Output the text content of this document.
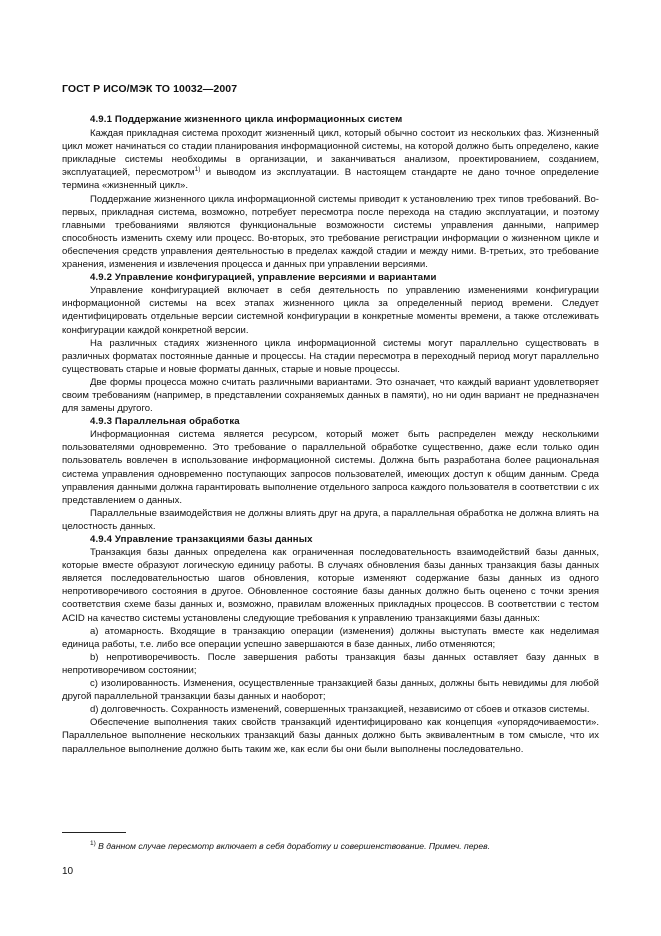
ГОСТ Р ИСО/МЭК ТО 10032—2007
4.9.1 Поддержание жизненного цикла информационных систем

Каждая прикладная система проходит жизненный цикл, который обычно состоит из нескольких фаз. Жизненный цикл может начинаться со стадии планирования информационной системы, на которой должно быть определено, какие прикладные системы необходимы в организации, и заканчиваться анализом, проектированием, созданием, эксплуатацией, пересмотром$^{1)}$ и выводом из эксплуатации. В настоящем стандарте не дано точное определение термина «жизненный цикл».

Поддержание жизненного цикла информационной системы приводит к установлению трех типов требований. Во-первых, прикладная система, возможно, потребует пересмотра после перехода на стадию эксплуатации, и поэтому главными требованиями являются функциональные возможности системы управления данными, например способность изменить схему или процесс. Во-вторых, это требование регистрации информации о жизненном цикле и обеспечения средств управления деятельностью в пределах каждой стадии и между ними. В-третьих, это требование хранения, изменения и извлечения процесса и данных при управлении версиями.

4.9.2 Управление конфигурацией, управление версиями и вариантами

Управление конфигурацией включает в себя деятельность по управлению изменениями конфигурации информационной системы на всех этапах жизненного цикла за определенный период времени. Следует идентифицировать отдельные версии системной конфигурации в конкретные моменты времени, а также отслеживать конфигурации каждой конкретной версии.

На различных стадиях жизненного цикла информационной системы могут параллельно существовать в различных форматах постоянные данные и процессы. На стадии пересмотра в переходный период могут параллельно существовать старые и новые форматы данных, старые и новые процессы.

Две формы процесса можно считать различными вариантами. Это означает, что каждый вариант удовлетворяет своим требованиям (например, в представлении сохраняемых данных в памяти), но ни один вариант не предназначен для замены другого.

4.9.3 Параллельная обработка

Информационная система является ресурсом, который может быть распределен между несколькими пользователями одновременно. Это требование о параллельной обработке существенно, даже если только один пользователь вовлечен в использование информационной системы. Должна быть разработана более рациональная система управления одновременно поступающих запросов пользователей, имеющих доступ к общим данным. Среда управления данными должна гарантировать выполнение отдельного запроса каждого пользователя в соответствии с их представлением о данных.

Параллельные взаимодействия не должны влиять друг на друга, а параллельная обработка не должна влиять на целостность данных.

4.9.4 Управление транзакциями базы данных

Транзакция базы данных определена как ограниченная последовательность взаимодействий базы данных, которые вместе образуют логическую единицу работы. В случаях обновления базы данных транзакция базы данных является последовательностью шагов обновления, которые изменяют содержание базы данных из одного непротиворечивого состояния в другое. Обновленное состояние базы данных должно быть оценено с точки зрения соответствия схеме базы данных и, возможно, правилам вложенных прикладных процессов. В соответствии с тестом ACID на качество системы установлены следующие требования к управлению транзакциями базы данных:

a) атомарность. Входящие в транзакцию операции (изменения) должны выступать вместе как неделимая единица работы, т.е. либо все операции успешно завершаются в базе данных, либо отменяются;

b) непротиворечивость. После завершения работы транзакция базы данных оставляет базу данных в непротиворечивом состоянии;

c) изолированность. Изменения, осуществленные транзакцией базы данных, должны быть невидимы для любой другой параллельной транзакции базы данных и наоборот;

d) долговечность. Сохранность изменений, совершенных транзакцией, независимо от сбоев и отказов системы.

Обеспечение выполнения таких свойств транзакций идентифицировано как концепция «упорядочиваемости». Параллельное выполнение нескольких транзакций базы данных должно быть эквивалентным в том смысле, что их параллельное выполнение должно быть таким же, как если бы они были выполнены последовательно.

$^{1)}$ В данном случае пересмотр включает в себя доработку и совершенствование. Примеч. перев.
10
